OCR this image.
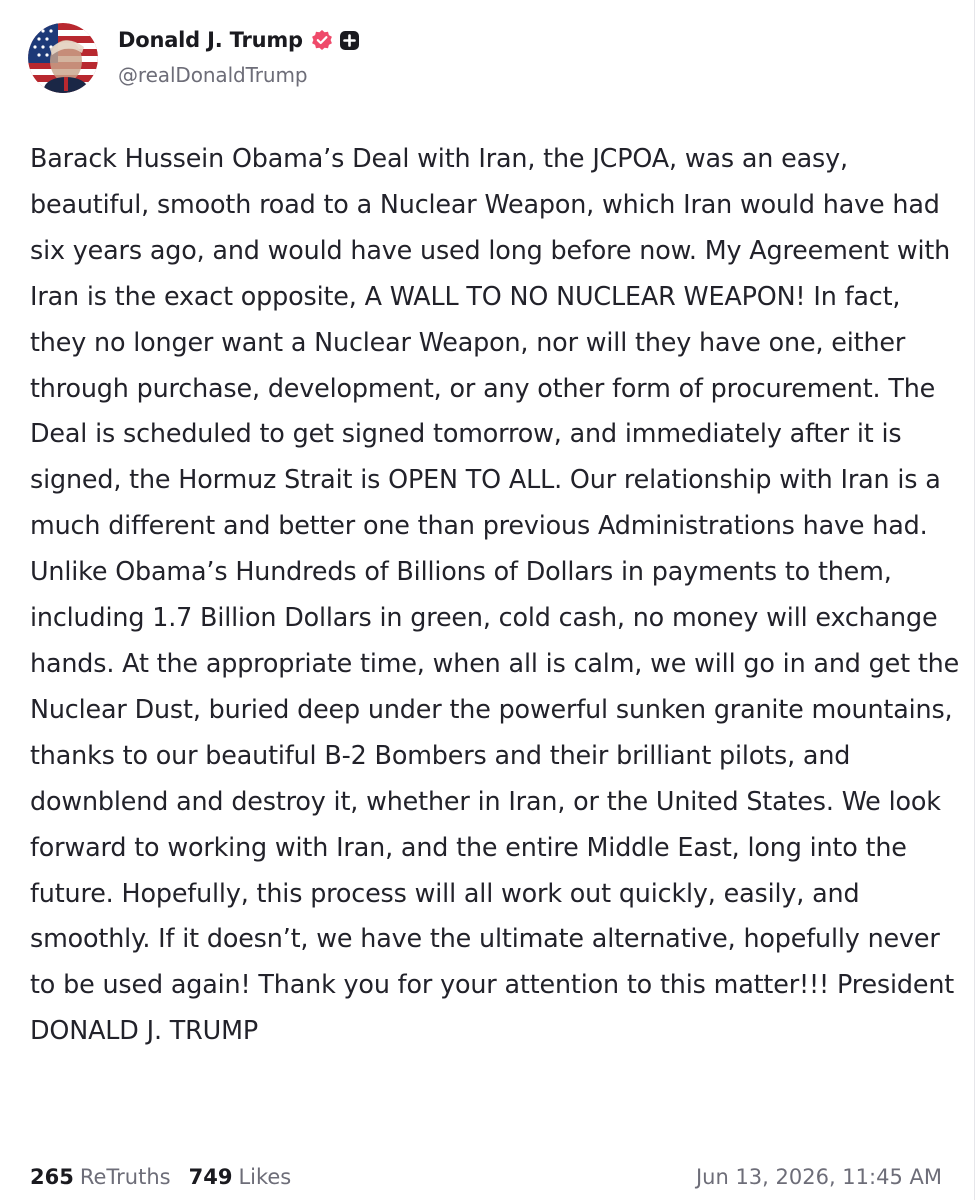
Donald J. Trump
@realDonaldTrump

Barack Hussein Obama’s Deal with Iran, the JCPOA, was an easy, beautiful, smooth road to a Nuclear Weapon, which Iran would have had six years ago, and would have used long before now. My Agreement with Iran is the exact opposite, A WALL TO NO NUCLEAR WEAPON! In fact, they no longer want a Nuclear Weapon, nor will they have one, either through purchase, development, or any other form of procurement. The Deal is scheduled to get signed tomorrow, and immediately after it is signed, the Hormuz Strait is OPEN TO ALL. Our relationship with Iran is a much different and better one than previous Administrations have had. Unlike Obama’s Hundreds of Billions of Dollars in payments to them, including 1.7 Billion Dollars in green, cold cash, no money will exchange hands. At the appropriate time, when all is calm, we will go in and get the Nuclear Dust, buried deep under the powerful sunken granite mountains, thanks to our beautiful B-2 Bombers and their brilliant pilots, and downblend and destroy it, whether in Iran, or the United States. We look forward to working with Iran, and the entire Middle East, long into the future. Hopefully, this process will all work out quickly, easily, and smoothly. If it doesn’t, we have the ultimate alternative, hopefully never to be used again! Thank you for your attention to this matter!!! President DONALD J. TRUMP

265 ReTruths 749 Likes	Jun 13, 2026, 11:45 AM
